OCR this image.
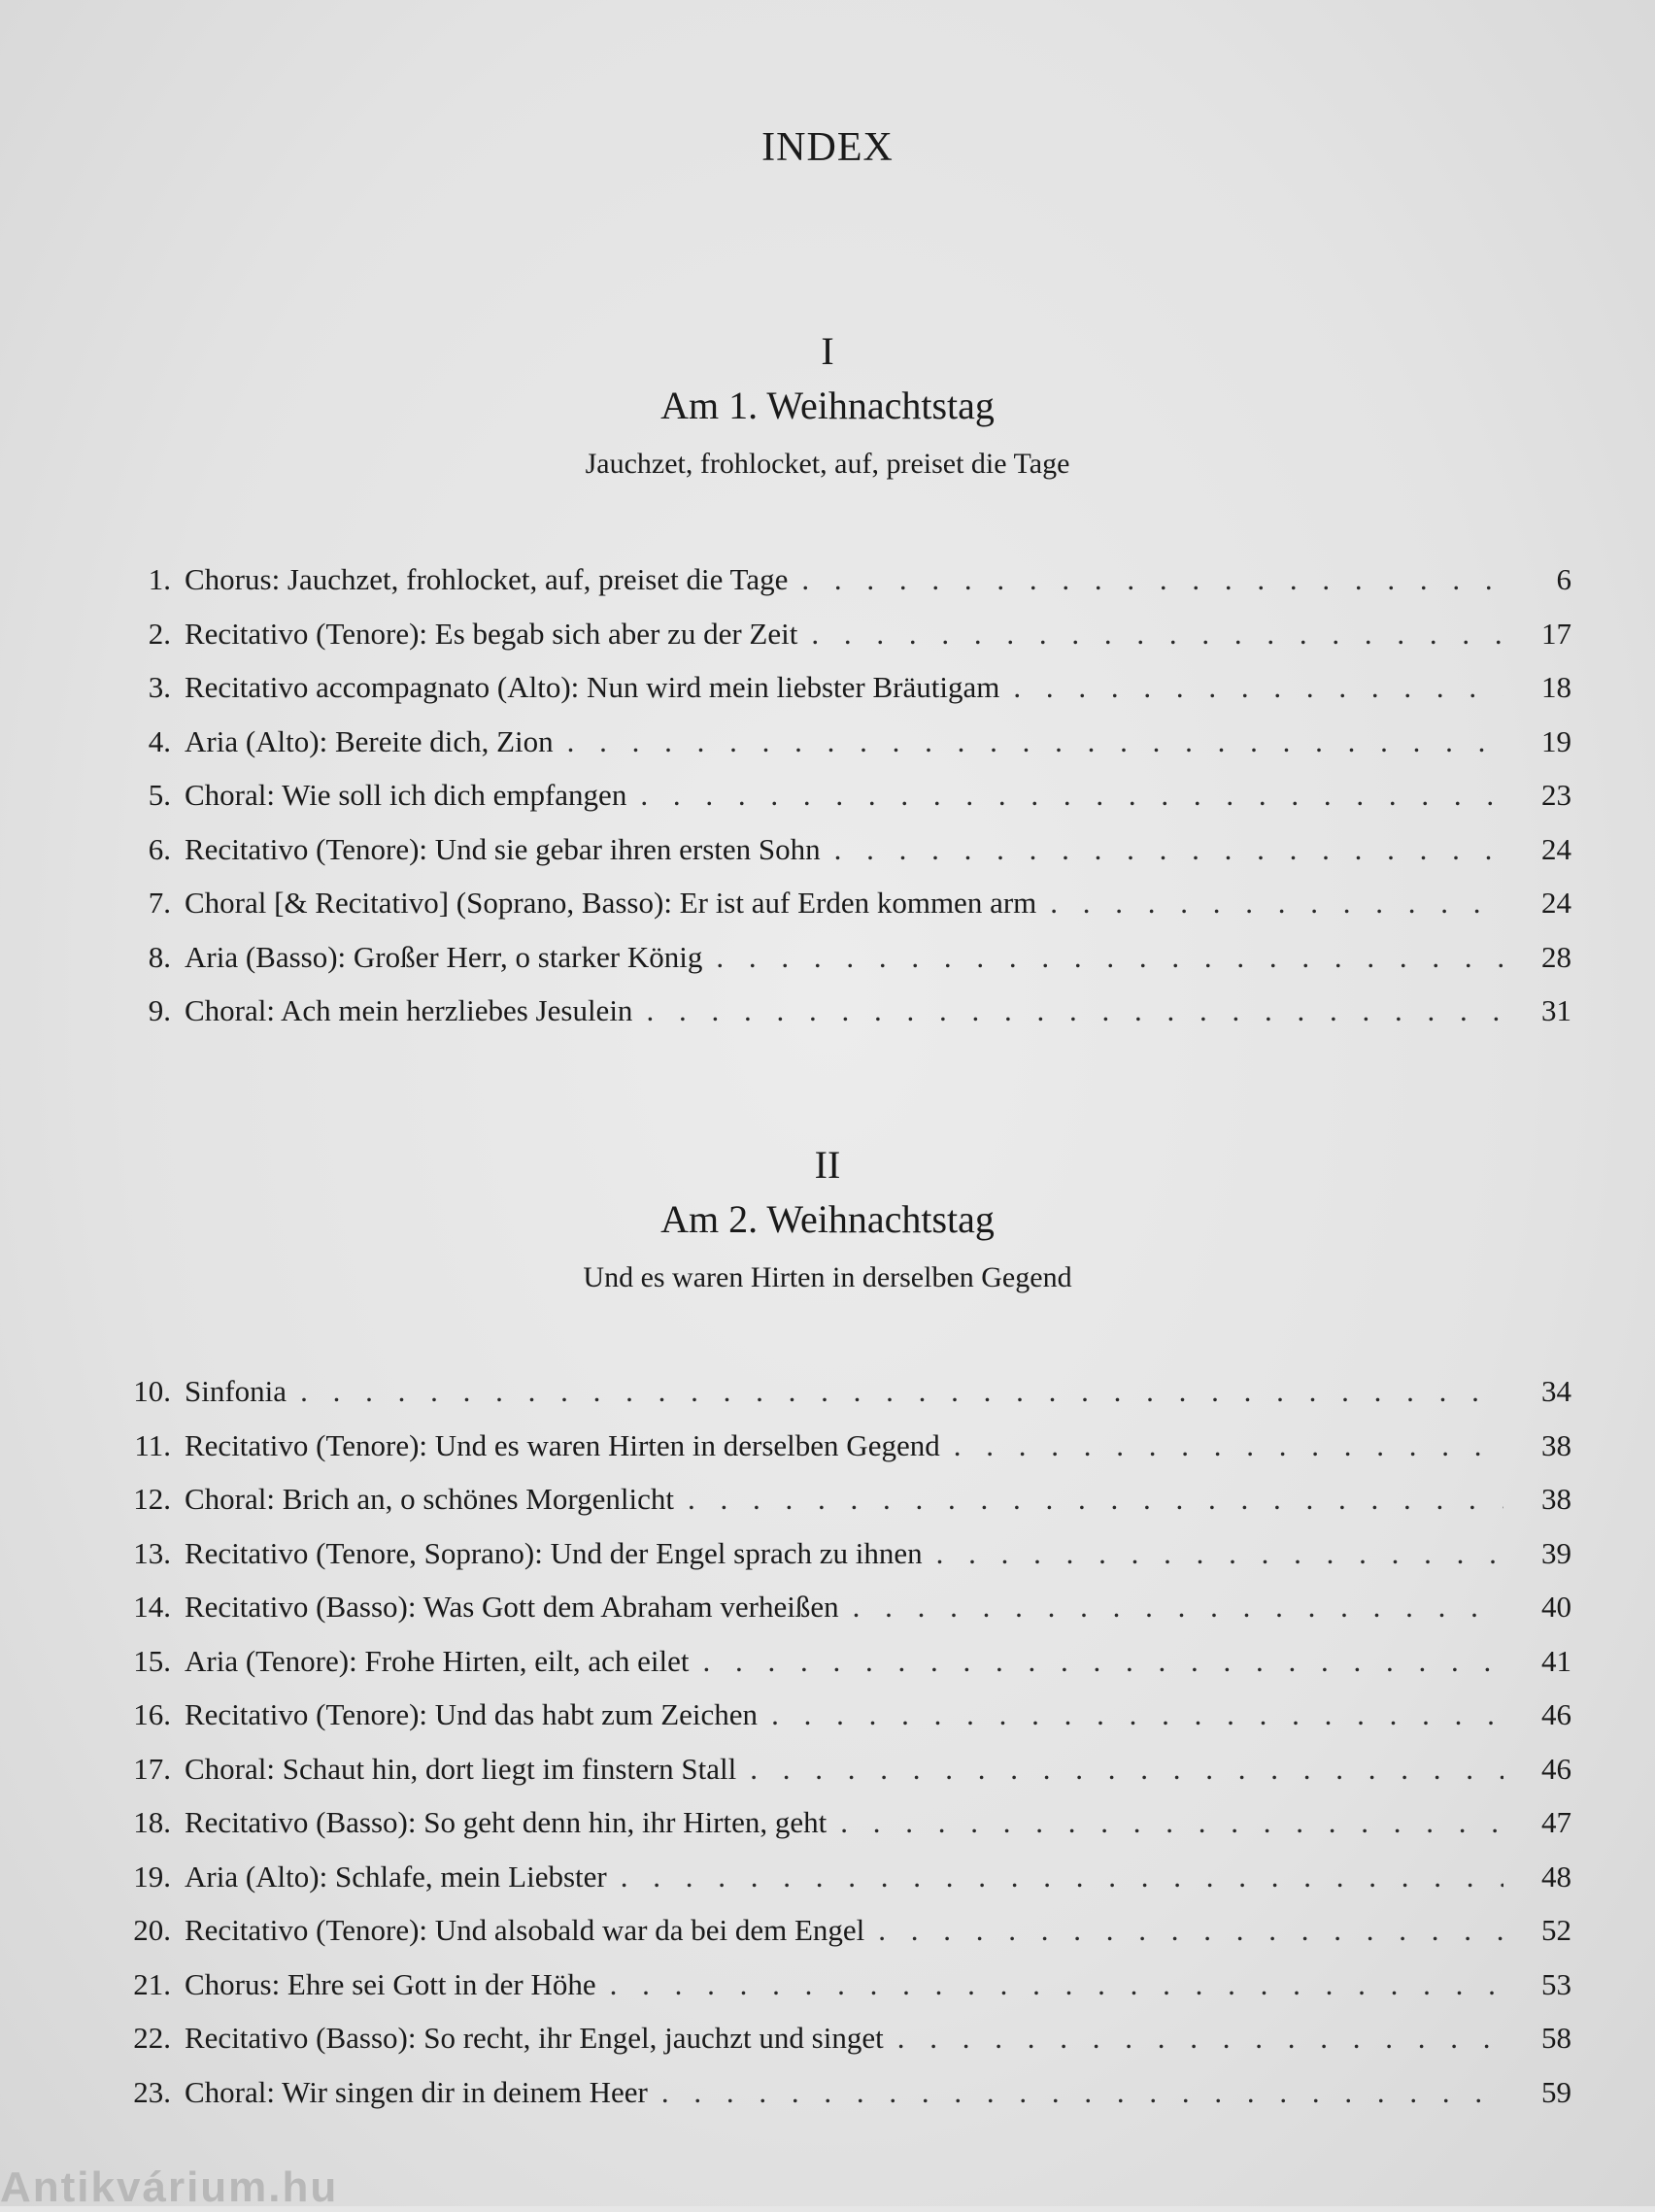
INDEX
I
Am 1. Weihnachtstag
Jauchzet, frohlocket, auf, preiset die Tage
1. Chorus: Jauchzet, frohlocket, auf, preiset die Tage . . .	6
2. Recitativo (Tenore): Es begab sich aber zu der Zeit . . .	17
3. Recitativo accompagnato (Alto): Nun wird mein liebster Bräutigam . . .	18
4. Aria (Alto): Bereite dich, Zion . . .	19
5. Choral: Wie soll ich dich empfangen . . .	23
6. Recitativo (Tenore): Und sie gebar ihren ersten Sohn . . .	24
7. Choral [& Recitativo] (Soprano, Basso): Er ist auf Erden kommen arm . . .	24
8. Aria (Basso): Großer Herr, o starker König . . .	28
9. Choral: Ach mein herzliebes Jesulein . . .	31
II
Am 2. Weihnachtstag
Und es waren Hirten in derselben Gegend
10. Sinfonia . . .	34
11. Recitativo (Tenore): Und es waren Hirten in derselben Gegend . . .	38
12. Choral: Brich an, o schönes Morgenlicht . . .	38
13. Recitativo (Tenore, Soprano): Und der Engel sprach zu ihnen . . .	39
14. Recitativo (Basso): Was Gott dem Abraham verheißen . . .	40
15. Aria (Tenore): Frohe Hirten, eilt, ach eilet . . .	41
16. Recitativo (Tenore): Und das habt zum Zeichen . . .	46
17. Choral: Schaut hin, dort liegt im finstern Stall . . .	46
18. Recitativo (Basso): So geht denn hin, ihr Hirten, geht . . .	47
19. Aria (Alto): Schlafe, mein Liebster . . .	48
20. Recitativo (Tenore): Und alsobald war da bei dem Engel . . .	52
21. Chorus: Ehre sei Gott in der Höhe . . .	53
22. Recitativo (Basso): So recht, ihr Engel, jauchzt und singet . . .	58
23. Choral: Wir singen dir in deinem Heer . . .	59
Antikvárium.hu
